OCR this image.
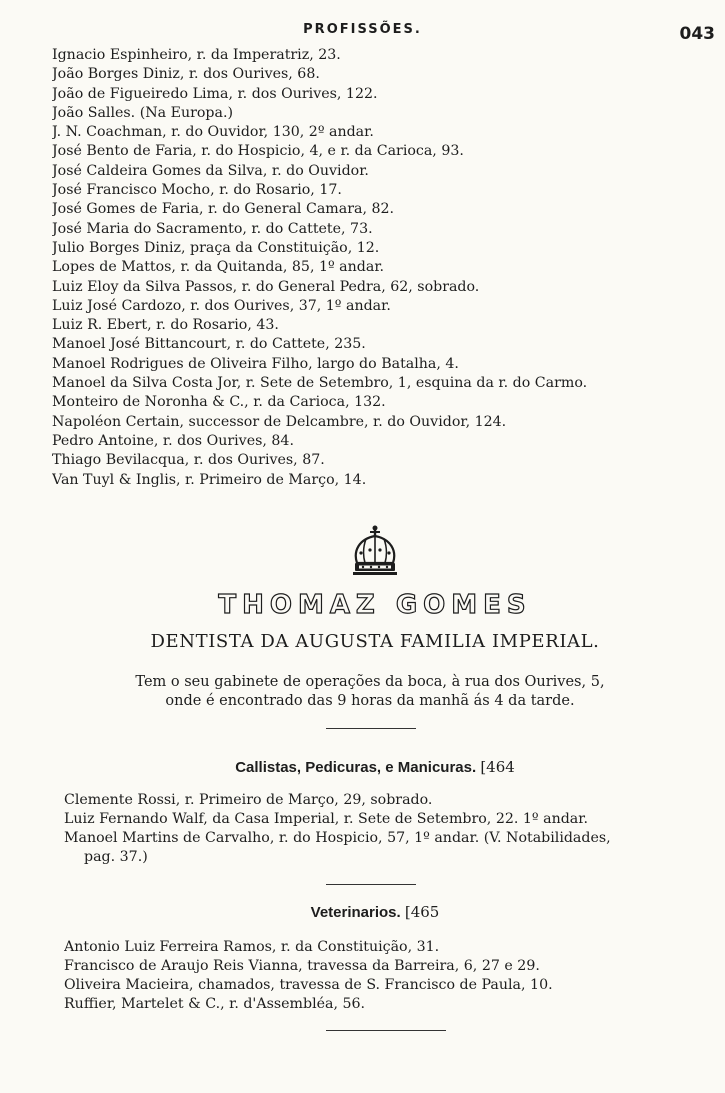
PROFISSÕES.	043
Ignacio Espinheiro, r. da Imperatriz, 23.
João Borges Diniz, r. dos Ourives, 68.
João de Figueiredo Lima, r. dos Ourives, 122.
João Salles. (Na Europa.)
J. N. Coachman, r. do Ouvidor, 130, 2º andar.
José Bento de Faria, r. do Hospicio, 4, e r. da Carioca, 93.
José Caldeira Gomes da Silva, r. do Ouvidor.
José Francisco Mocho, r. do Rosario, 17.
José Gomes de Faria, r. do General Camara, 82.
José Maria do Sacramento, r. do Cattete, 73.
Julio Borges Diniz, praça da Constituição, 12.
Lopes de Mattos, r. da Quitanda, 85, 1º andar.
Luiz Eloy da Silva Passos, r. do General Pedra, 62, sobrado.
Luiz José Cardozo, r. dos Ourives, 37, 1º andar.
Luiz R. Ebert, r. do Rosario, 43.
Manoel José Bittancourt, r. do Cattete, 235.
Manoel Rodrigues de Oliveira Filho, largo do Batalha, 4.
Manoel da Silva Costa Jor, r. Sete de Setembro, 1, esquina da r. do Carmo.
Monteiro de Noronha & C., r. da Carioca, 132.
Napoléon Certain, successor de Delcambre, r. do Ouvidor, 124.
Pedro Antoine, r. dos Ourives, 84.
Thiago Bevilacqua, r. dos Ourives, 87.
Van Tuyl & Inglis, r. Primeiro de Março, 14.
THOMAZ GOMES
DENTISTA DA AUGUSTA FAMILIA IMPERIAL.
Tem o seu gabinete de operações da boca, à rua dos Ourives, 5,
onde é encontrado das 9 horas da manhã ás 4 da tarde.
Callistas, Pedicuras, e Manicuras. [464
Clemente Rossi, r. Primeiro de Março, 29, sobrado.
Luiz Fernando Walf, da Casa Imperial, r. Sete de Setembro, 22. 1º andar.
Manoel Martins de Carvalho, r. do Hospicio, 57, 1º andar. (V. Notabilidades,
pag. 37.)
Veterinarios. [465
Antonio Luiz Ferreira Ramos, r. da Constituição, 31.
Francisco de Araujo Reis Vianna, travessa da Barreira, 6, 27 e 29.
Oliveira Macieira, chamados, travessa de S. Francisco de Paula, 10.
Ruffier, Martelet & C., r. d'Assembléa, 56.
